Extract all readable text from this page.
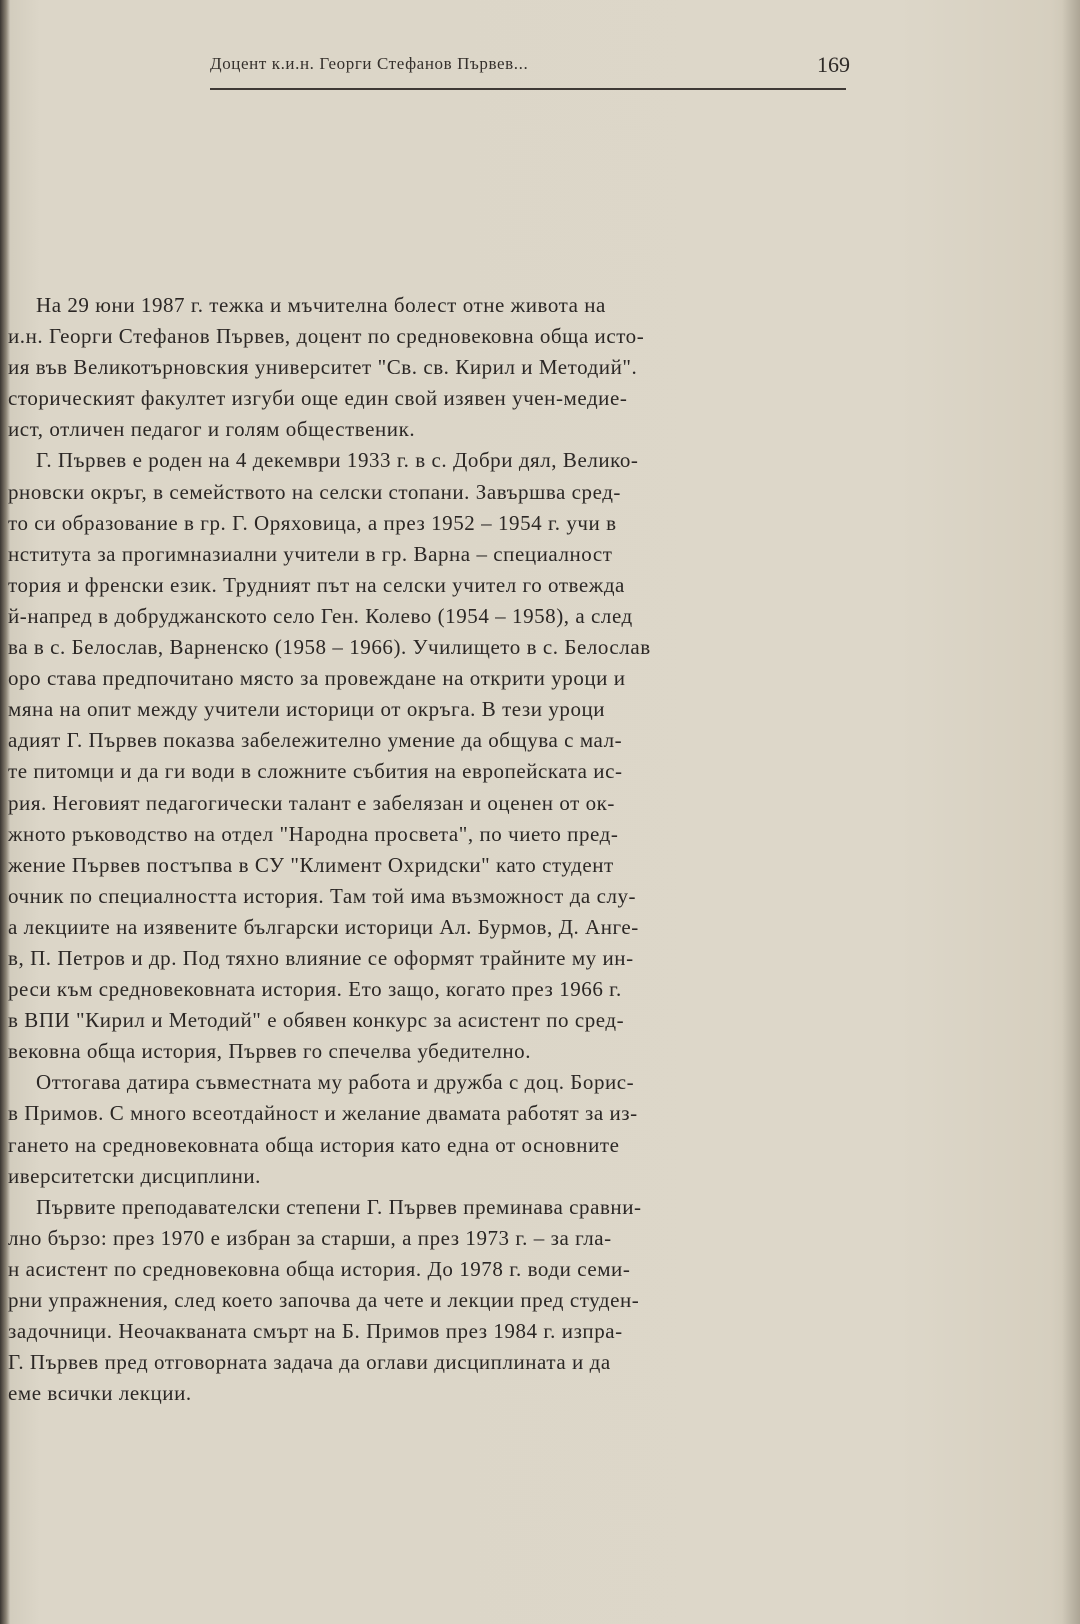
Доцент к.и.н. Георги Стефанов Първев...	169
На 29 юни 1987 г. тежка и мъчителна болест отне живота на
и.н. Георги Стефанов Първев, доцент по средновековна обща исто-
ия във Великотърновския университет "Св. св. Кирил и Методий".
сторическият факултет изгуби още един свой изявен учен-медие-
ист, отличен педагог и голям общественик.
Г. Първев е роден на 4 декември 1933 г. в с. Добри дял, Велико-
рновски окръг, в семейството на селски стопани. Завършва сред-
то си образование в гр. Г. Оряховица, а през 1952 – 1954 г. учи в
нститута за прогимназиални учители в гр. Варна – специалност
тория и френски език. Трудният път на селски учител го отвежда
й-напред в добруджанското село Ген. Колево (1954 – 1958), а след
ва в с. Белослав, Варненско (1958 – 1966). Училището в с. Белослав
оро става предпочитано място за провеждане на открити уроци и
мяна на опит между учители историци от окръга. В тези уроци
адият Г. Първев показва забележително умение да общува с мал-
те питомци и да ги води в сложните събития на европейската ис-
рия. Неговият педагогически талант е забелязан и оценен от ок-
жното ръководство на отдел "Народна просвета", по чието пред-
жение Първев постъпва в СУ "Климент Охридски" като студент
очник по специалността история. Там той има възможност да слу-
а лекциите на изявените български историци Ал. Бурмов, Д. Анге-
в, П. Петров и др. Под тяхно влияние се оформят трайните му ин-
реси към средновековната история. Ето защо, когато през 1966 г.
в ВПИ "Кирил и Методий" е обявен конкурс за асистент по сред-
вековна обща история, Първев го спечелва убедително.
Оттогава датира съвместната му работа и дружба с доц. Борис-
в Примов. С много всеотдайност и желание двамата работят за из-
гането на средновековната обща история като една от основните
иверситетски дисциплини.
Първите преподавателски степени Г. Първев преминава сравни-
лно бързо: през 1970 е избран за старши, а през 1973 г. – за гла-
н асистент по средновековна обща история. До 1978 г. води семи-
рни упражнения, след което започва да чете и лекции пред студен-
задочници. Неочакваната смърт на Б. Примов през 1984 г. изпра-
Г. Първев пред отговорната задача да оглави дисциплината и да
еме всички лекции.
